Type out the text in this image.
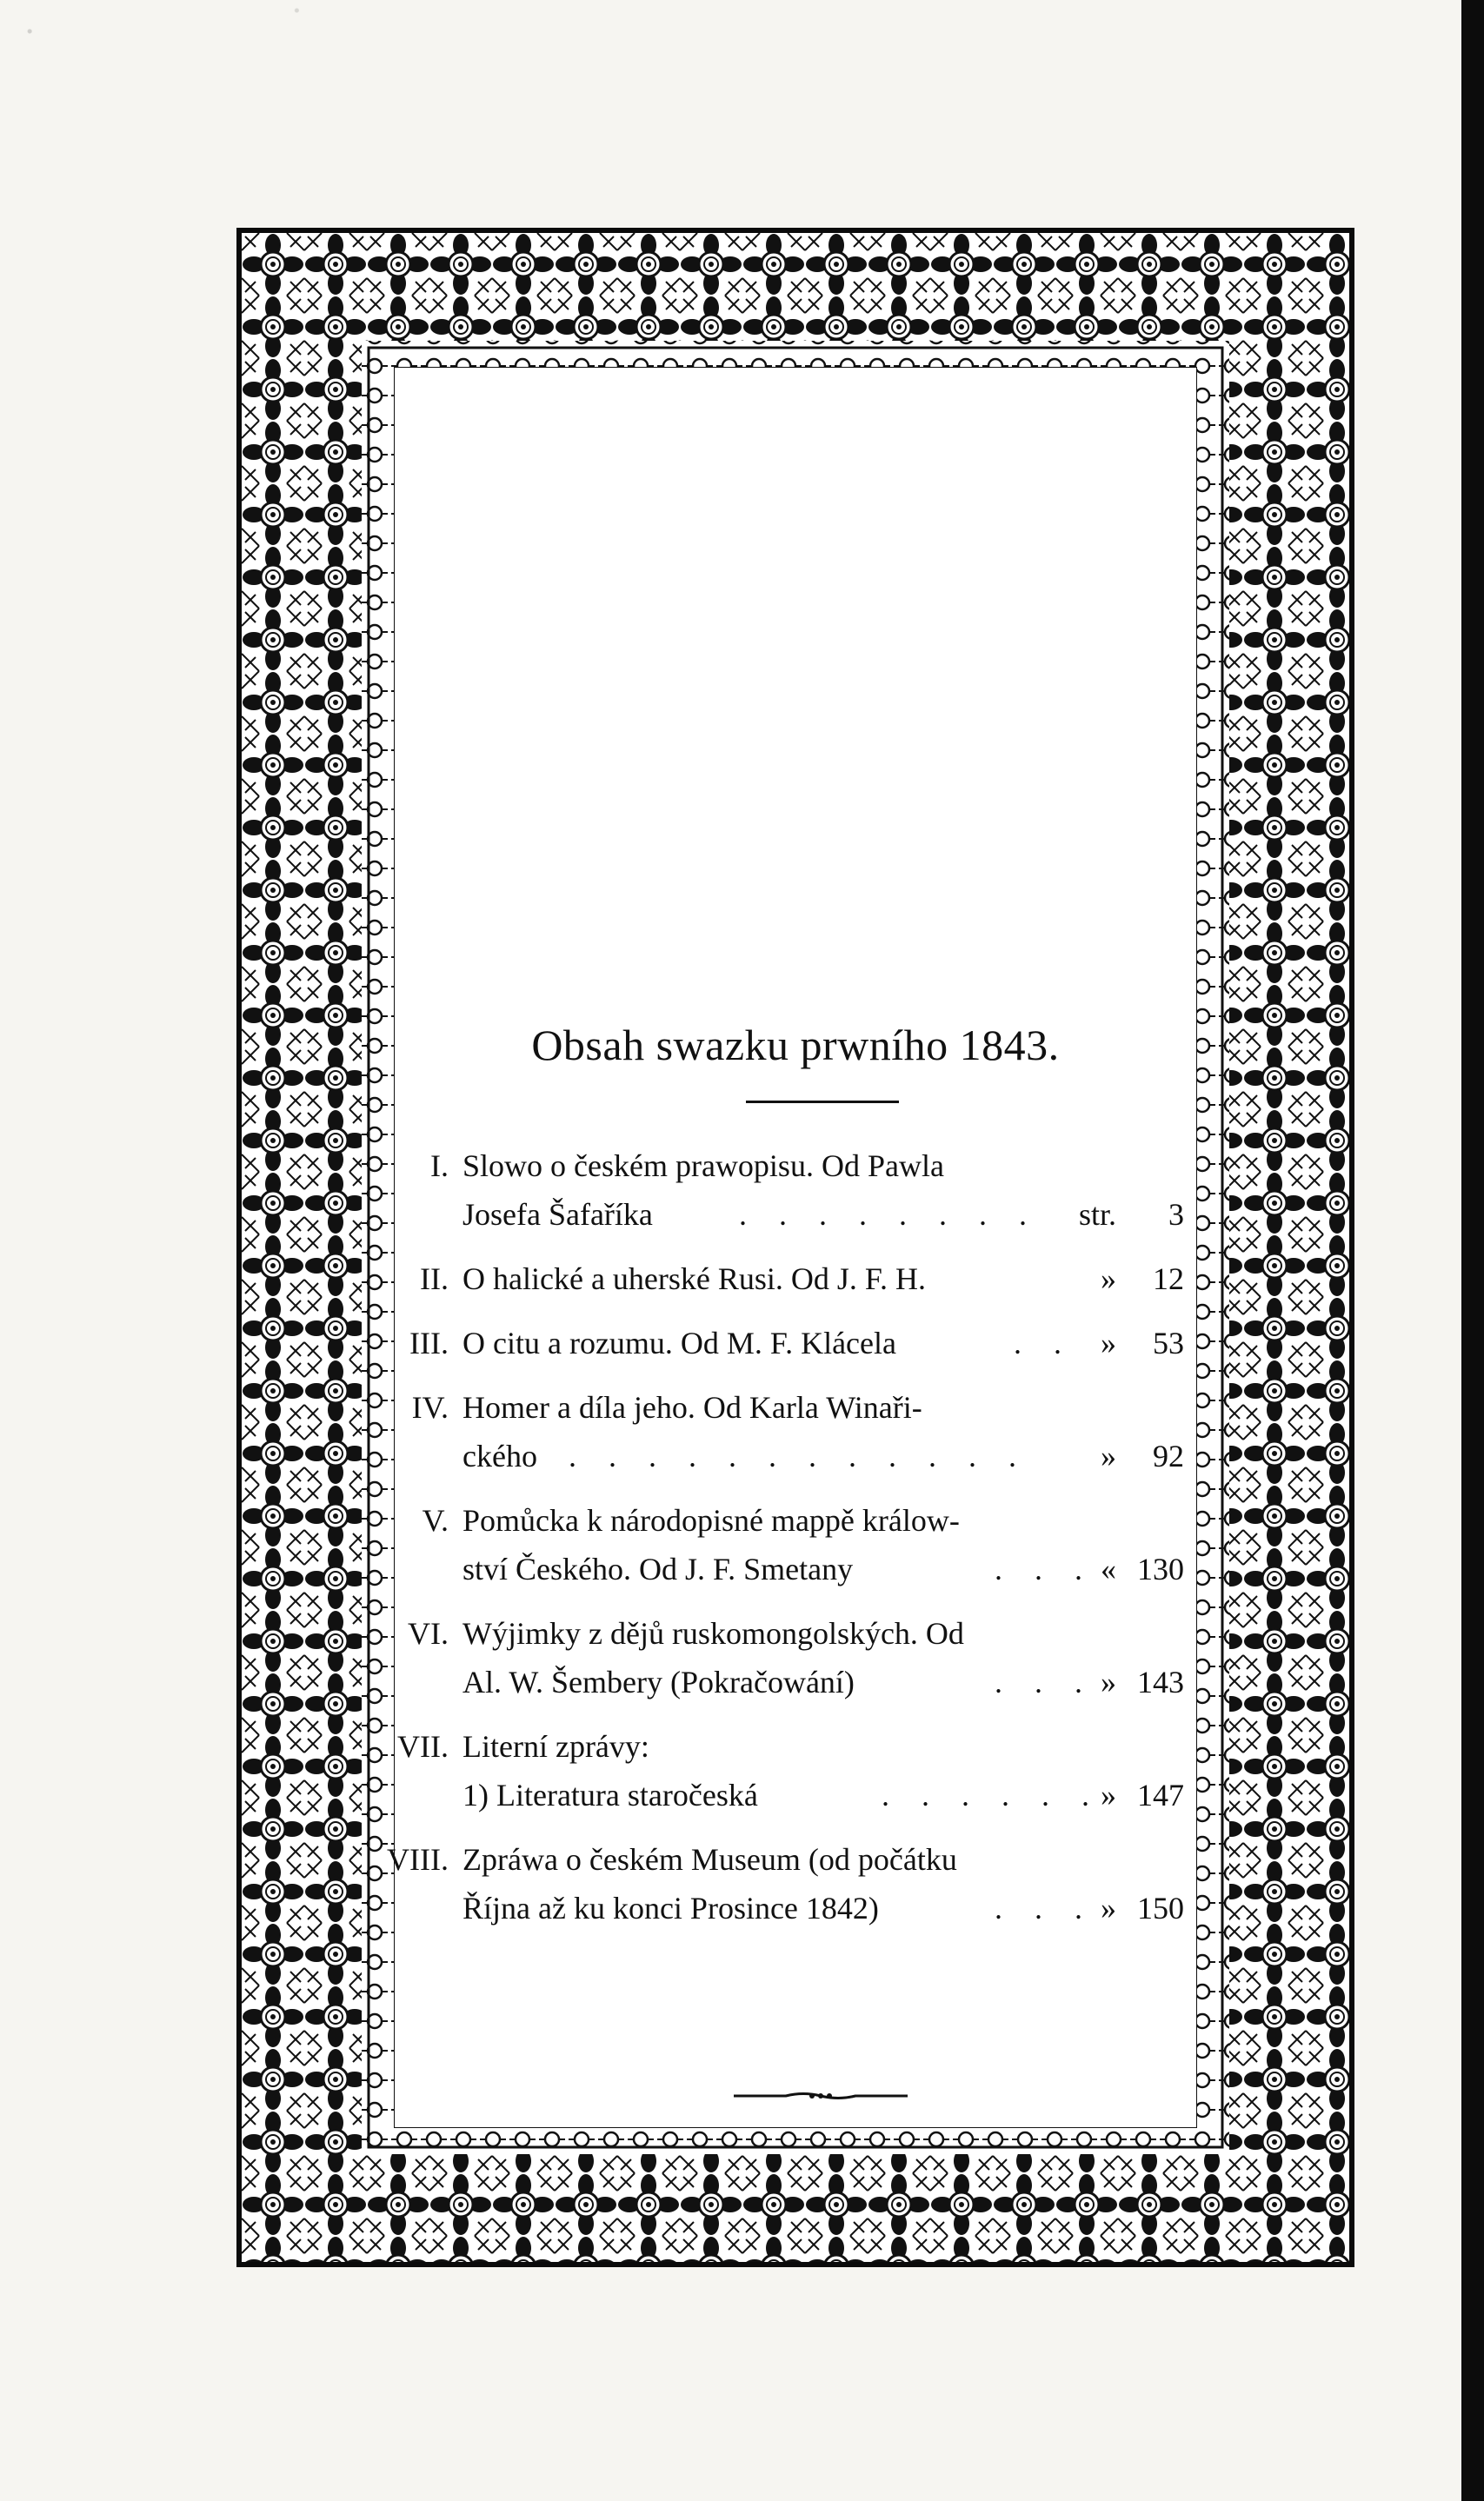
Obsah swazku prwního 1843.
I. Slowo o českém prawopisu. Od Pawla
Josefa Šafaříka	. . . . . . . .	str.	3
II. O halické a uherské Rusi. Od J. F. H.	»	12
III. O citu a rozumu. Od M. F. Klácela	. . »	53
IV. Homer a díla jeho. Od Karla Winaři-
ckého . . . . . . . . . . . .	»	92
V. Pomůcka k národopisné mappě králow-
ství Českého. Od J. F. Smetany	. . . « 130
VI. Wýjimky z dějů ruskomongolských. Od
Al. W. Šembery (Pokračowání)	. . . » 143
VII. Literní zprávy:
1) Literatura staročeská	. . . . . . » 147
VIII. Zpráwa o českém Museum (od počátku
Října až ku konci Prosince 1842)	. . . » 150
